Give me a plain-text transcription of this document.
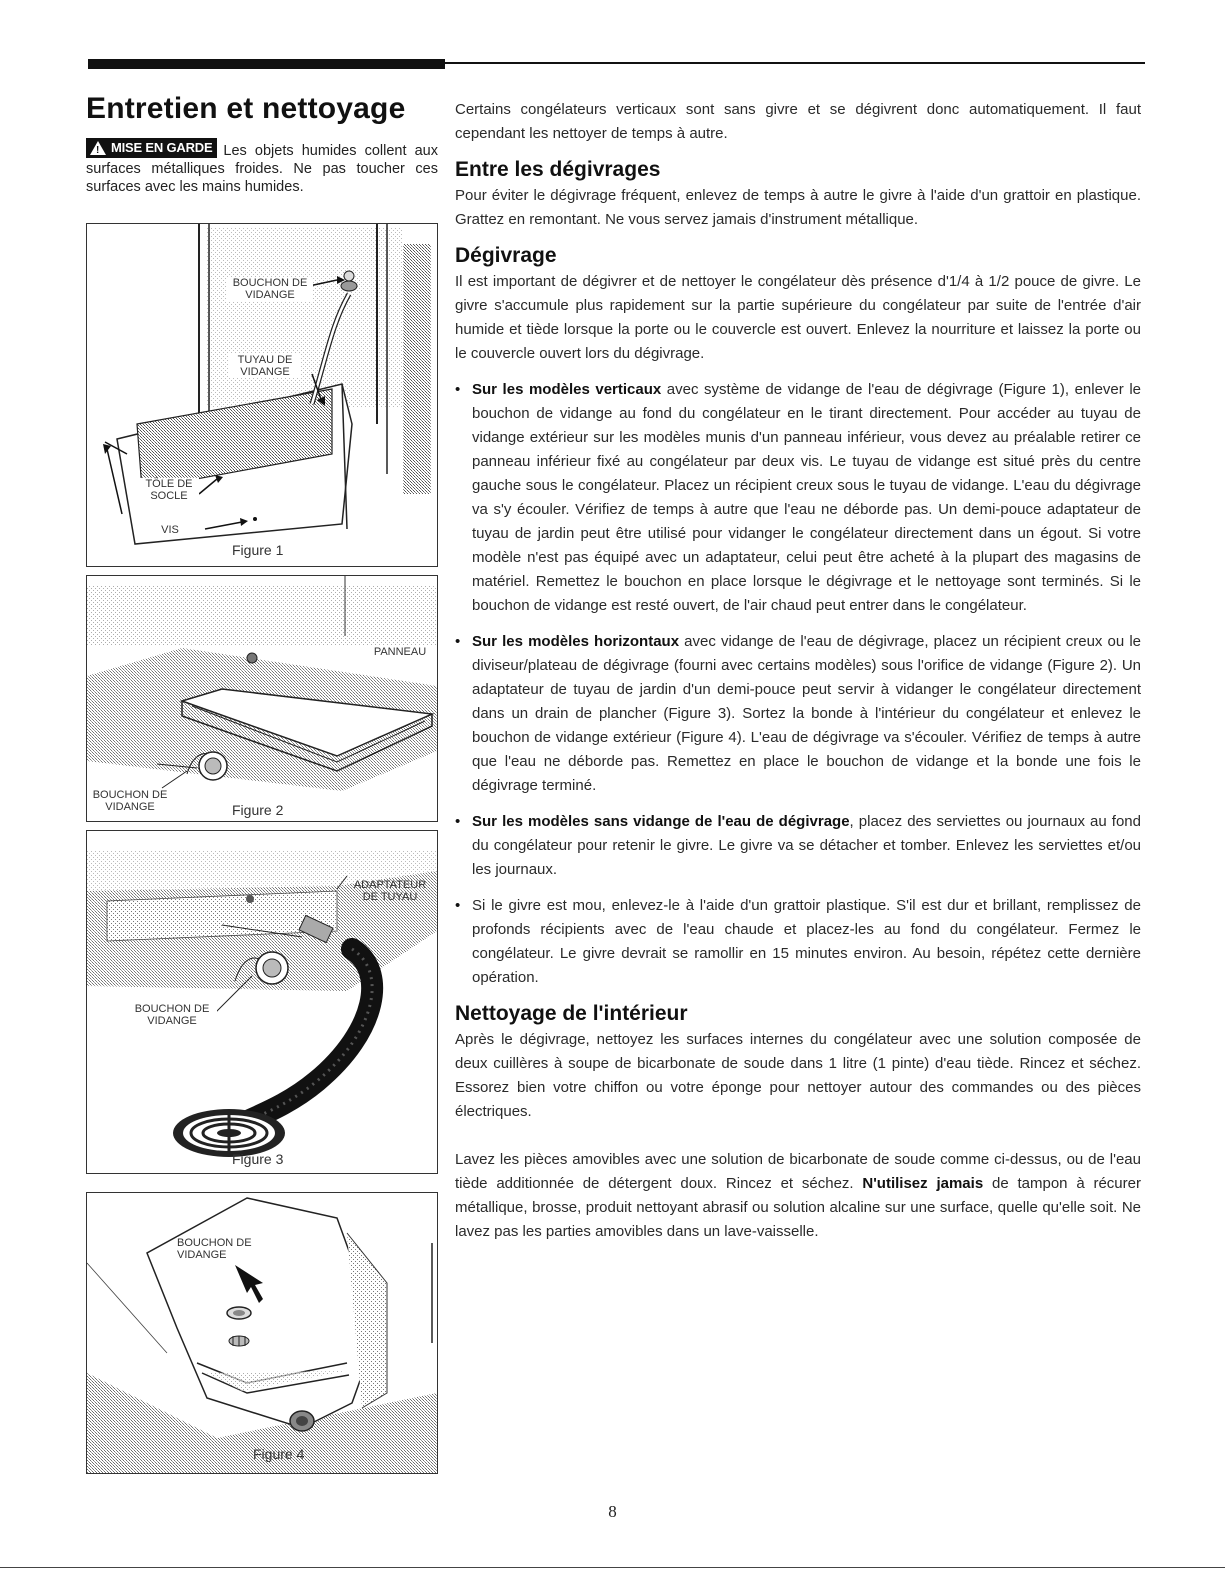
Entretien et nettoyage
!
MISE EN GARDE Les objets humides collent aux surfaces métalliques froides. Ne pas toucher ces surfaces avec les mains humides.
BOUCHON DE VIDANGE
TUYAU DE VIDANGE
TÔLE DE SOCLE
VIS
Figure 1
PANNEAU
BOUCHON DE VIDANGE	Figure 2
ADAPTATEUR DE TUYAU
BOUCHON DE VIDANGE
Figure 3
BOUCHON DE VIDANGE
Figure 4

Certains congélateurs verticaux sont sans givre et se dégivrent donc automatiquement. Il faut cependant les nettoyer de temps à autre.

Entre les dégivrages

Pour éviter le dégivrage fréquent, enlevez de temps à autre le givre à l'aide d'un grattoir en plastique. Grattez en remontant. Ne vous servez jamais d'instrument métallique.

Dégivrage

Il est important de dégivrer et de nettoyer le congélateur dès présence d'1/4 à 1/2 pouce de givre. Le givre s'accumule plus rapidement sur la partie supérieure du congélateur par suite de l'entrée d'air humide et tiède lorsque la porte ou le couvercle est ouvert. Enlevez la nourriture et laissez la porte ou le couvercle ouvert lors du dégivrage.

• Sur les modèles verticaux avec système de vidange de l'eau de dégivrage (Figure 1), enlever le bouchon de vidange au fond du congélateur en le tirant directement. Pour accéder au tuyau de vidange extérieur sur les modèles munis d'un panneau inférieur, vous devez au préalable retirer ce panneau inférieur fixé au congélateur par deux vis. Le tuyau de vidange est situé près du centre gauche sous le congélateur. Placez un récipient creux sous le tuyau de vidange. L'eau du dégivrage va s'y écouler. Vérifiez de temps à autre que l'eau ne déborde pas. Un demi-pouce adaptateur de tuyau de jardin peut être utilisé pour vidanger le congélateur directement dans un égout. Si votre modèle n'est pas équipé avec un adaptateur, celui peut être acheté à la plupart des magasins de matériel. Remettez le bouchon en place lorsque le dégivrage et le nettoyage sont terminés. Si le bouchon de vidange est resté ouvert, de l'air chaud peut entrer dans le congélateur.
• Sur les modèles horizontaux avec vidange de l'eau de dégivrage, placez un récipient creux ou le diviseur/plateau de dégivrage (fourni avec certains modèles) sous l'orifice de vidange (Figure 2). Un adaptateur de tuyau de jardin d'un demi-pouce peut servir à vidanger le congélateur directement dans un drain de plancher (Figure 3). Sortez la bonde à l'intérieur du congélateur et enlevez le bouchon de vidange extérieur (Figure 4). L'eau de dégivrage va s'écouler. Vérifiez de temps à autre que l'eau ne déborde pas. Remettez en place le bouchon de vidange et la bonde une fois le dégivrage terminé.
• Sur les modèles sans vidange de l'eau de dégivrage, placez des serviettes ou journaux au fond du congélateur pour retenir le givre. Le givre va se détacher et tomber. Enlevez les serviettes et/ou les journaux.
• Si le givre est mou, enlevez-le à l'aide d'un grattoir plastique. S'il est dur et brillant, remplissez de profonds récipients avec de l'eau chaude et placez-les au fond du congélateur. Fermez le congélateur. Le givre devrait se ramollir en 15 minutes environ. Au besoin, répétez cette dernière opération.
Nettoyage de l'intérieur

Après le dégivrage, nettoyez les surfaces internes du congélateur avec une solution composée de deux cuillères à soupe de bicarbonate de soude dans 1 litre (1 pinte) d'eau tiède. Rincez et séchez. Essorez bien votre chiffon ou votre éponge pour nettoyer autour des commandes ou des pièces électriques.

Lavez les pièces amovibles avec une solution de bicarbonate de soude comme ci-dessus, ou de l'eau tiède additionnée de détergent doux. Rincez et séchez. N'utilisez jamais de tampon à récurer métallique, brosse, produit nettoyant abrasif ou solution alcaline sur une surface, quelle qu'elle soit. Ne lavez pas les parties amovibles dans un lave-vaisselle.

8
